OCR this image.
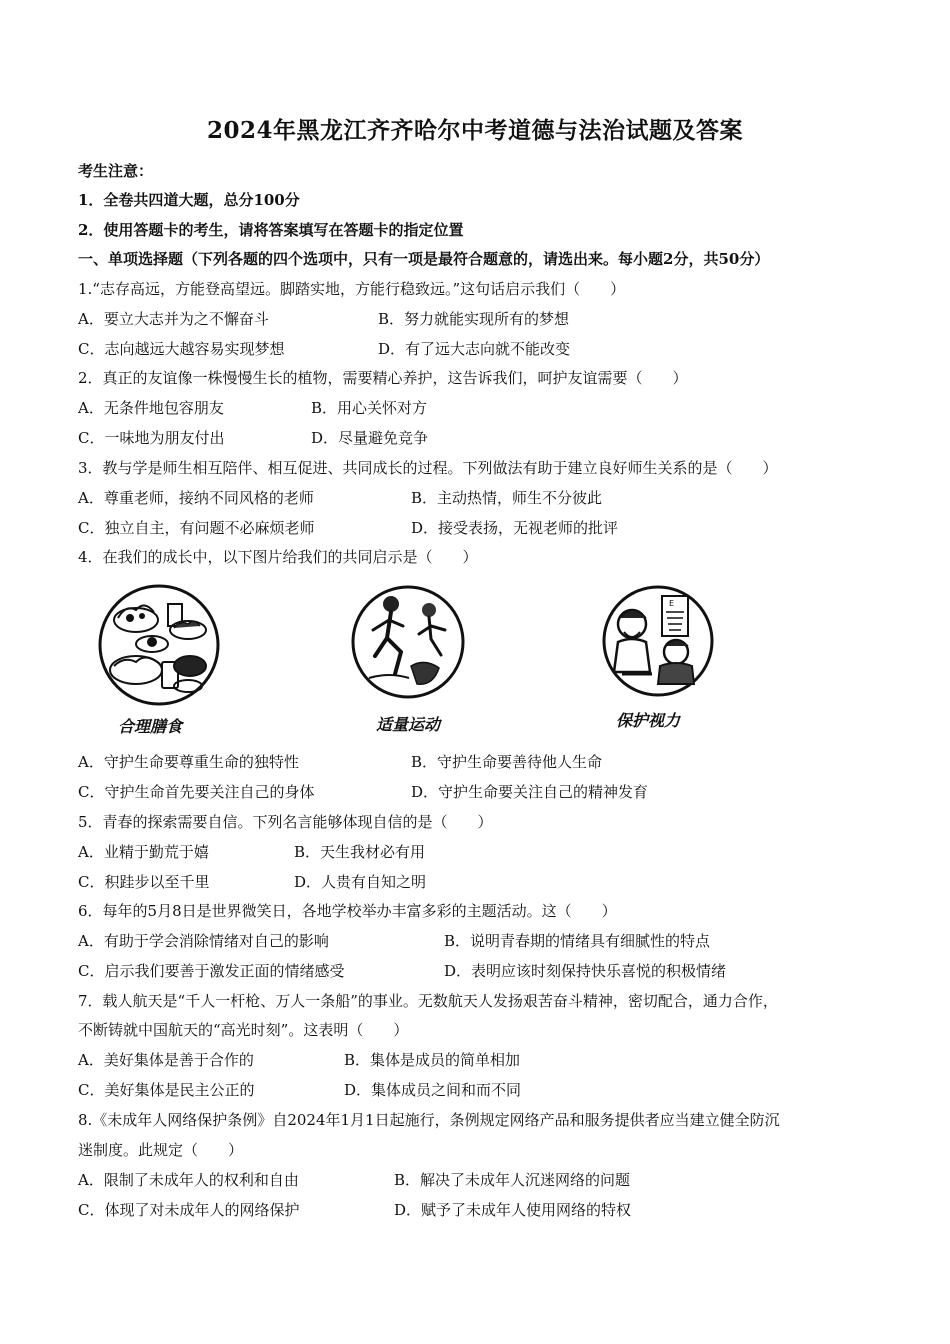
2024年黑龙江齐齐哈尔中考道德与法治试题及答案
考生注意：
1．全卷共四道大题，总分100分
2．使用答题卡的考生，请将答案填写在答题卡的指定位置
一、单项选择题（下列各题的四个选项中，只有一项是最符合题意的，请选出来。每小题2分，共50分）
1.“志存高远，方能登高望远。脚踏实地，方能行稳致远。”这句话启示我们（　　）
A．要立大志并为之不懈奋斗	B．努力就能实现所有的梦想
C．志向越远大越容易实现梦想	D．有了远大志向就不能改变
2．真正的友谊像一株慢慢生长的植物，需要精心养护，这告诉我们，呵护友谊需要（　　）
A．无条件地包容朋友	B．用心关怀对方
C．一味地为朋友付出	D．尽量避免竞争
3．教与学是师生相互陪伴、相互促进、共同成长的过程。下列做法有助于建立良好师生关系的是（　　）
A．尊重老师，接纳不同风格的老师	B．主动热情，师生不分彼此
C．独立自主，有问题不必麻烦老师	D．接受表扬，无视老师的批评
4．在我们的成长中，以下图片给我们的共同启示是（　　）
合理膳食	适量运动
E
保护视力
A．守护生命要尊重生命的独特性	B．守护生命要善待他人生命
C．守护生命首先要关注自己的身体	D．守护生命要关注自己的精神发育
5．青春的探索需要自信。下列名言能够体现自信的是（　　）
A．业精于勤荒于嬉	B．天生我材必有用
C．积跬步以至千里	D．人贵有自知之明
6．每年的5月8日是世界微笑日，各地学校举办丰富多彩的主题活动。这（　　）
A．有助于学会消除情绪对自己的影响	B．说明青春期的情绪具有细腻性的特点
C．启示我们要善于激发正面的情绪感受	D．表明应该时刻保持快乐喜悦的积极情绪
7．载人航天是“千人一杆枪、万人一条船”的事业。无数航天人发扬艰苦奋斗精神，密切配合，通力合作，
不断铸就中国航天的“高光时刻”。这表明（　　）
A．美好集体是善于合作的	B．集体是成员的简单相加
C．美好集体是民主公正的	D．集体成员之间和而不同
8.《未成年人网络保护条例》自2024年1月1日起施行，条例规定网络产品和服务提供者应当建立健全防沉
迷制度。此规定（　　）
A．限制了未成年人的权利和自由	B．解决了未成年人沉迷网络的问题
C．体现了对未成年人的网络保护	D．赋予了未成年人使用网络的特权
